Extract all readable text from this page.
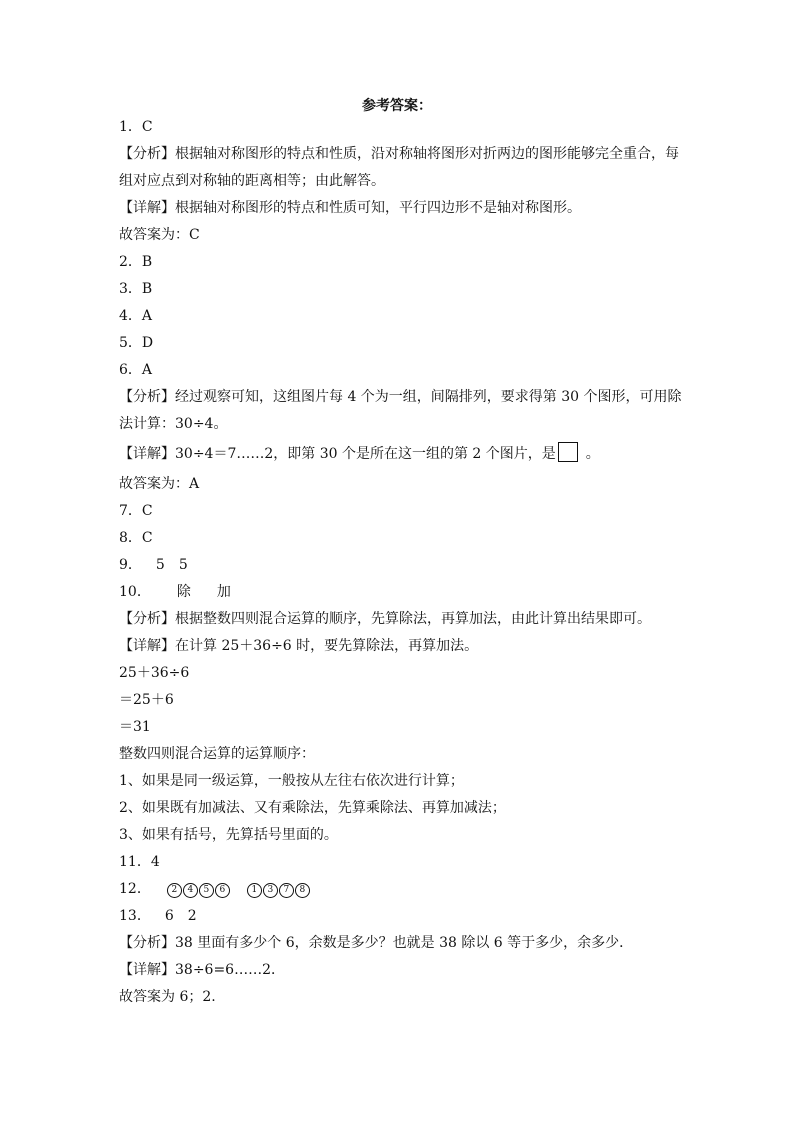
参考答案：
1．C
【分析】根据轴对称图形的特点和性质，沿对称轴将图形对折两边的图形能够完全重合，每组对应点到对称轴的距离相等；由此解答。
【详解】根据轴对称图形的特点和性质可知，平行四边形不是轴对称图形。
故答案为：C
2．B
3．B
4．A
5．D
6．A
【分析】经过观察可知，这组图片每 4 个为一组，间隔排列，要求得第 30 个图形，可用除法计算：30÷4。
【详解】30÷4＝7……2，即第 30 个是所在这一组的第 2 个图片，是 。
故答案为：A
7．C
8．C
9． 5 5
10． 除 加
【分析】根据整数四则混合运算的顺序，先算除法，再算加法，由此计算出结果即可。
【详解】在计算 25＋36÷6 时，要先算除法，再算加法。
25＋36÷6
＝25＋6
＝31
整数四则混合运算的运算顺序：
1、如果是同一级运算，一般按从左往右依次进行计算；
2、如果既有加减法、又有乘除法，先算乘除法、再算加减法；
3、如果有括号，先算括号里面的。
11．4
12． 2 4 5 6	1 3 7 8
13． 6 2
【分析】38 里面有多少个 6，余数是多少？也就是 38 除以 6 等于多少，余多少．
【详解】38÷6=6……2．
故答案为 6；2.
